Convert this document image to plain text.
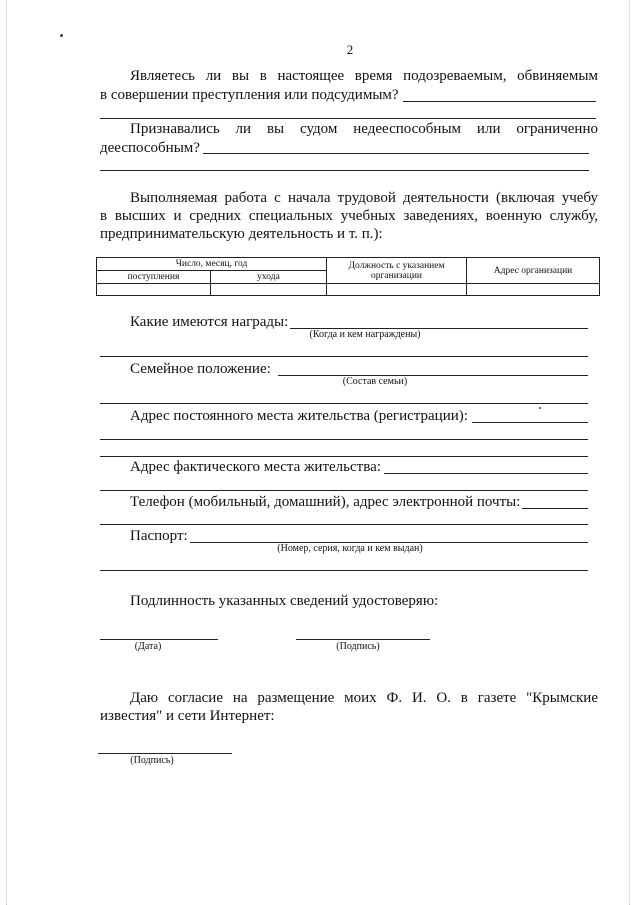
2
Являетесь ли вы в настоящее время подозреваемым, обвиняемым
в совершении преступления или подсудимым?
Признавались ли вы судом недееспособным или ограниченно
дееспособным?
Выполняемая работа с начала трудовой деятельности (включая учебу
в высших и средних специальных учебных заведениях, военную службу,
предпринимательскую деятельность и т. п.):
Число, месяц, год		Должность с указанием организации	Адрес организации
поступления	ухода		

Какие имеются награды:
(Когда и кем награждены)
Семейное положение:
(Состав семьи)
Адрес постоянного места жительства (регистрации):
Адрес фактического места жительства:
Телефон (мобильный, домашний), адрес электронной почты:
Паспорт:
(Номер, серия, когда и кем выдан)
Подлинность указанных сведений удостоверяю:
(Дата)	(Подпись)
Даю согласие на размещение моих Ф. И. О. в газете "Крымские
известия" и сети Интернет:
(Подпись)
